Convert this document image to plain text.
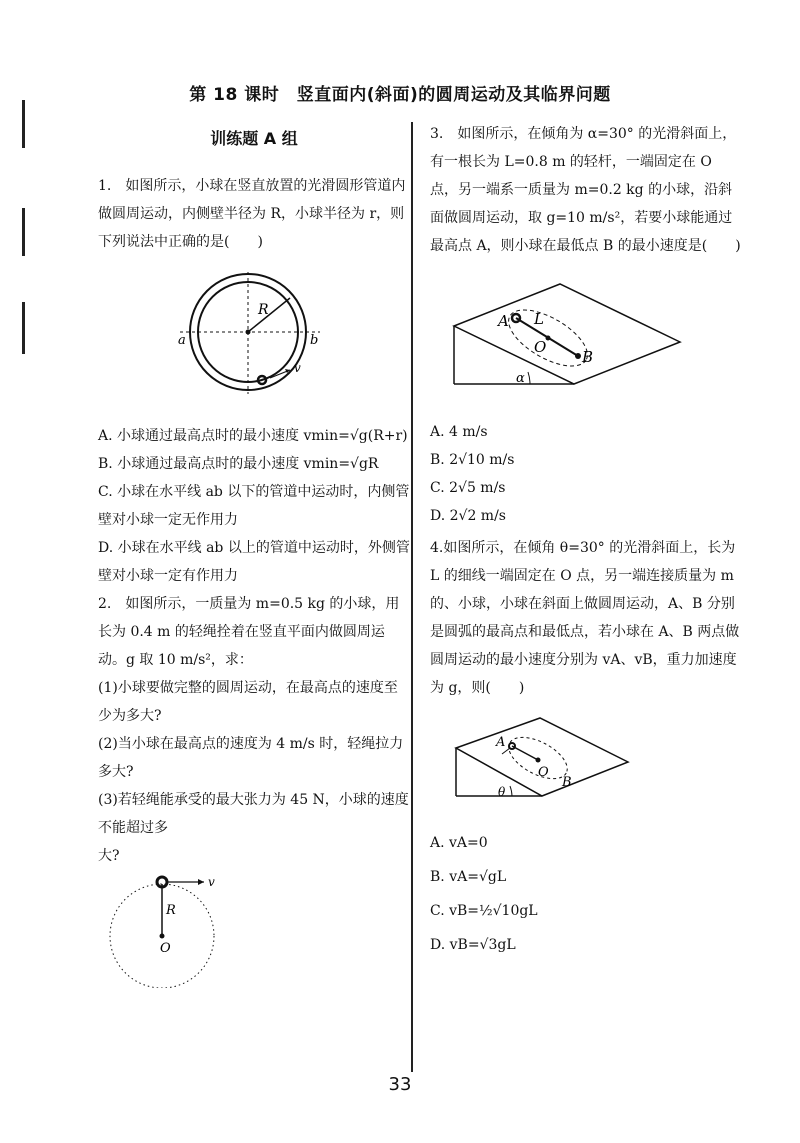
第 18 课时　竖直面内(斜面)的圆周运动及其临界问题
训练题 A 组

1.　如图所示，小球在竖直放置的光滑圆形管道内做圆周运动，内侧壁半径为 R，小球半径为 r，则下列说法中正确的是(　　)

R
a	b
v

A. 小球通过最高点时的最小速度 vmin=√g(R+r)

B. 小球通过最高点时的最小速度 vmin=√gR

C. 小球在水平线 ab 以下的管道中运动时，内侧管壁对小球一定无作用力

D. 小球在水平线 ab 以上的管道中运动时，外侧管壁对小球一定有作用力

2.　如图所示，一质量为 m=0.5 kg 的小球，用长为 0.4 m 的轻绳拴着在竖直平面内做圆周运动。g 取 10 m/s²，求：

(1)小球要做完整的圆周运动，在最高点的速度至少为多大?

(2)当小球在最高点的速度为 4 m/s 时，轻绳拉力多大?

(3)若轻绳能承受的最大张力为 45 N，小球的速度不能超过多

大?

v
R
O

3.　如图所示，在倾角为 α=30° 的光滑斜面上，有一根长为 L=0.8 m 的轻杆，一端固定在 O 点，另一端系一质量为 m=0.2 kg 的小球，沿斜面做圆周运动，取 g=10 m/s²，若要小球能通过最高点 A，则小球在最低点 B 的最小速度是(　　)

A L
O
B
α

A. 4 m/s

B. 2√10 m/s

C. 2√5 m/s

D. 2√2 m/s

4.如图所示，在倾角 θ=30° 的光滑斜面上，长为 L 的细线一端固定在 O 点，另一端连接质量为 m 的、小球，小球在斜面上做圆周运动，A、B 分别是圆弧的最高点和最低点，若小球在 A、B 两点做圆周运动的最小速度分别为 vA、vB，重力加速度为 g，则(　　)

A
O
B
θ

A. vA=0

B. vA=√gL

C. vB=½√10gL

D. vB=√3gL

33
